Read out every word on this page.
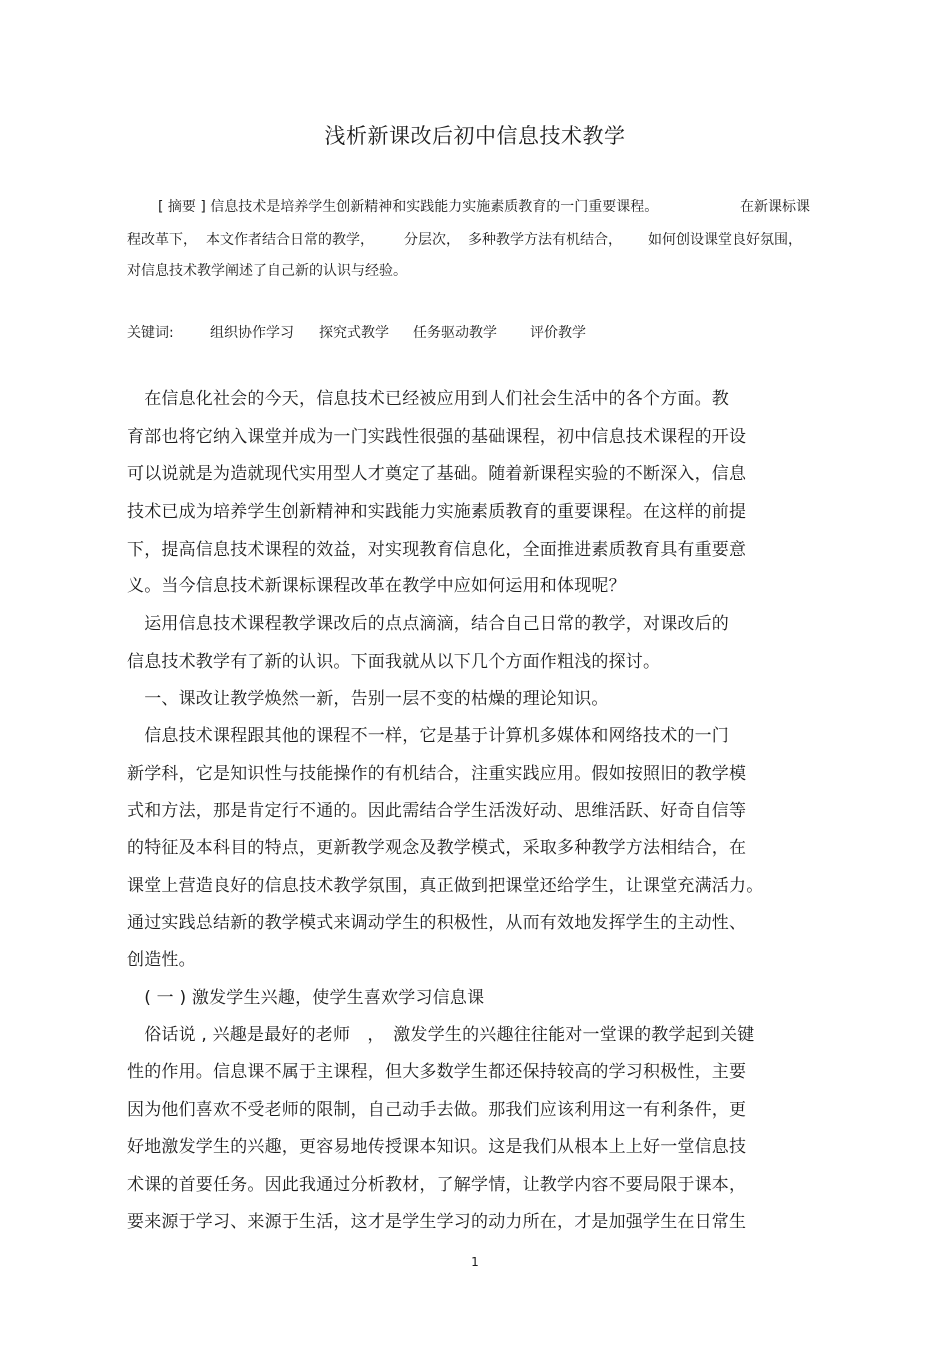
浅析新课改后初中信息技术教学
[ 摘要 ] 信息技术是培养学生创新精神和实践能力实施素质教育的一门重要课程。	在新课标课
程改革下， 本文作者结合日常的教学， 分层次， 多种教学方法有机结合， 如何创设课堂良好氛围，
对信息技术教学阐述了自己新的认识与经验。
关键词:	组织协作学习 探究式教学 任务驱动教学 评价教学
　在信息化社会的今天，信息技术已经被应用到人们社会生活中的各个方面。教
育部也将它纳入课堂并成为一门实践性很强的基础课程，初中信息技术课程的开设
可以说就是为造就现代实用型人才奠定了基础。随着新课程实验的不断深入，信息
技术已成为培养学生创新精神和实践能力实施素质教育的重要课程。在这样的前提
下，提高信息技术课程的效益，对实现教育信息化，全面推进素质教育具有重要意
义。当今信息技术新课标课程改革在教学中应如何运用和体现呢？
　运用信息技术课程教学课改后的点点滴滴，结合自己日常的教学，对课改后的
信息技术教学有了新的认识。下面我就从以下几个方面作粗浅的探讨。
　一、课改让教学焕然一新，告别一层不变的枯燥的理论知识。
　信息技术课程跟其他的课程不一样，它是基于计算机多媒体和网络技术的一门
新学科，它是知识性与技能操作的有机结合，注重实践应用。假如按照旧的教学模
式和方法，那是肯定行不通的。因此需结合学生活泼好动、思维活跃、好奇自信等
的特征及本科目的特点，更新教学观念及教学模式，采取多种教学方法相结合，在
课堂上营造良好的信息技术教学氛围，真正做到把课堂还给学生，让课堂充满活力。
通过实践总结新的教学模式来调动学生的积极性，从而有效地发挥学生的主动性、
创造性。
　( 一 ) 激发学生兴趣，使学生喜欢学习信息课
　俗话说 , 兴趣是最好的老师　，　激发学生的兴趣往往能对一堂课的教学起到关键
性的作用。信息课不属于主课程，但大多数学生都还保持较高的学习积极性，主要
因为他们喜欢不受老师的限制，自己动手去做。那我们应该利用这一有利条件，更
好地激发学生的兴趣，更容易地传授课本知识。这是我们从根本上上好一堂信息技
术课的首要任务。因此我通过分析教材，了解学情，让教学内容不要局限于课本，
要来源于学习、来源于生活，这才是学生学习的动力所在，才是加强学生在日常生
1
